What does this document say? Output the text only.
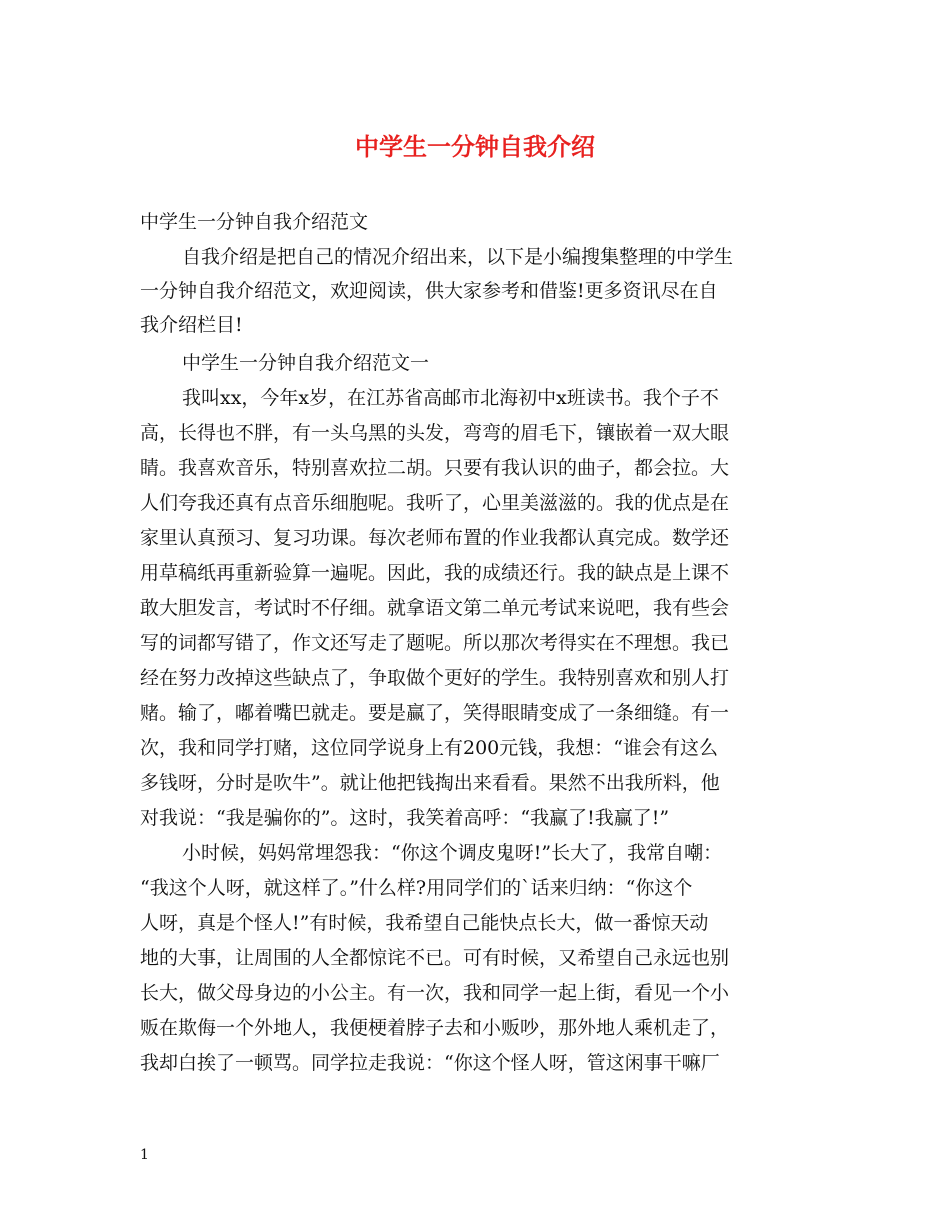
中学生一分钟自我介绍
中学生一分钟自我介绍范文
自我介绍是把自己的情况介绍出来，以下是小编搜集整理的中学生
一分钟自我介绍范文，欢迎阅读，供大家参考和借鉴!更多资讯尽在自
我介绍栏目!
中学生一分钟自我介绍范文一
我叫xx，今年x岁，在江苏省高邮市北海初中x班读书。我个子不
高，长得也不胖，有一头乌黑的头发，弯弯的眉毛下，镶嵌着一双大眼
睛。我喜欢音乐，特别喜欢拉二胡。只要有我认识的曲子，都会拉。大
人们夸我还真有点音乐细胞呢。我听了，心里美滋滋的。我的优点是在
家里认真预习、复习功课。每次老师布置的作业我都认真完成。数学还
用草稿纸再重新验算一遍呢。因此，我的成绩还行。我的缺点是上课不
敢大胆发言，考试时不仔细。就拿语文第二单元考试来说吧，我有些会
写的词都写错了，作文还写走了题呢。所以那次考得实在不理想。我已
经在努力改掉这些缺点了，争取做个更好的学生。我特别喜欢和别人打
赌。输了，嘟着嘴巴就走。要是赢了，笑得眼睛变成了一条细缝。有一
次，我和同学打赌，这位同学说身上有200元钱，我想：“谁会有这么
多钱呀，分时是吹牛”。就让他把钱掏出来看看。果然不出我所料，他
对我说：“我是骗你的”。这时，我笑着高呼：“我赢了!我赢了!”
小时候，妈妈常埋怨我：“你这个调皮鬼呀!”长大了，我常自嘲：
“我这个人呀，就这样了。”什么样?用同学们的`话来归纳：“你这个
人呀，真是个怪人!”有时候，我希望自己能快点长大，做一番惊天动
地的大事，让周围的人全都惊诧不已。可有时候，又希望自己永远也别
长大，做父母身边的小公主。有一次，我和同学一起上街，看见一个小
贩在欺侮一个外地人，我便梗着脖子去和小贩吵，那外地人乘机走了，
我却白挨了一顿骂。同学拉走我说：“你这个怪人呀，管这闲事干嘛厂
1
